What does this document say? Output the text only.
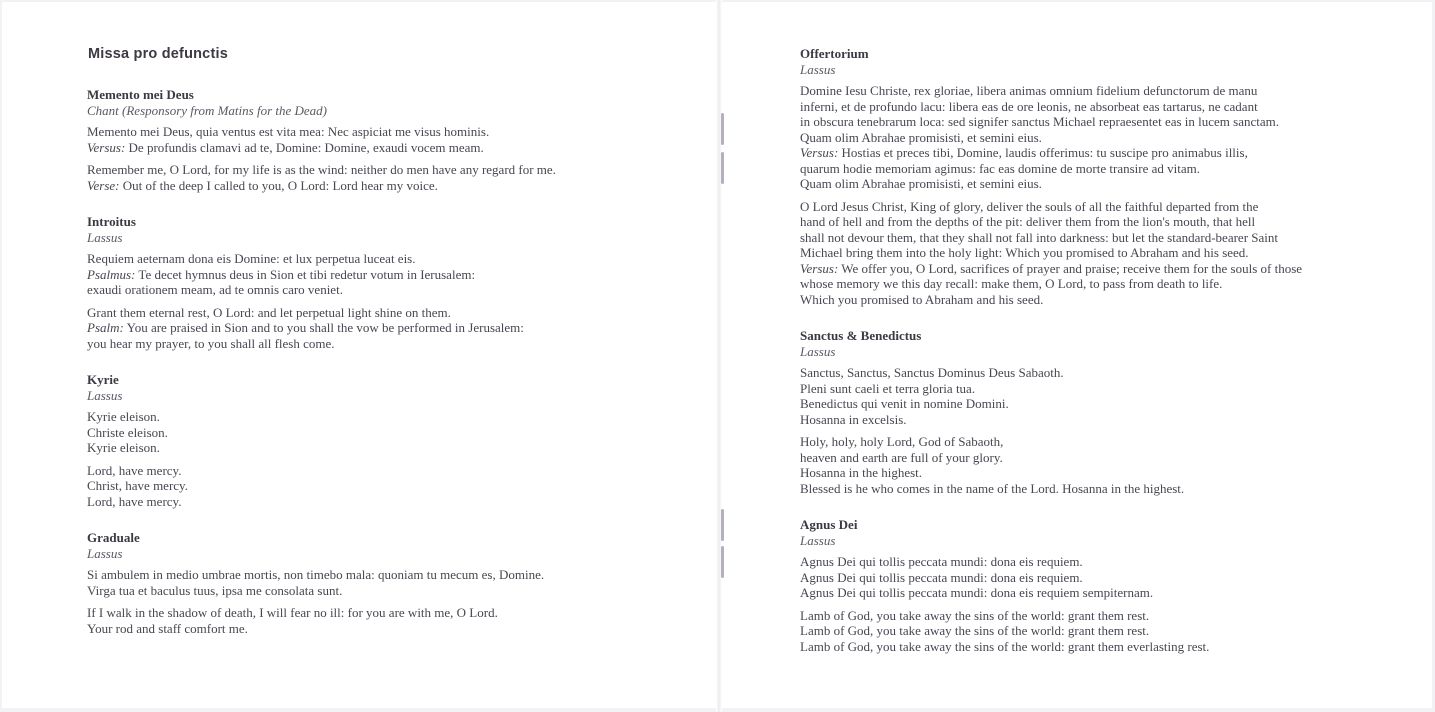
Missa pro defunctis
Memento mei Deus
Chant (Responsory from Matins for the Dead)
Memento mei Deus, quia ventus est vita mea: Nec aspiciat me visus hominis.
Versus: De profundis clamavi ad te, Domine: Domine, exaudi vocem meam.
Remember me, O Lord, for my life is as the wind: neither do men have any regard for me.
Verse: Out of the deep I called to you, O Lord: Lord hear my voice.
Introitus
Lassus
Requiem aeternam dona eis Domine: et lux perpetua luceat eis.
Psalmus: Te decet hymnus deus in Sion et tibi redetur votum in Ierusalem:
exaudi orationem meam, ad te omnis caro veniet.
Grant them eternal rest, O Lord: and let perpetual light shine on them.
Psalm: You are praised in Sion and to you shall the vow be performed in Jerusalem:
you hear my prayer, to you shall all flesh come.
Kyrie
Lassus
Kyrie eleison.
Christe eleison.
Kyrie eleison.
Lord, have mercy.
Christ, have mercy.
Lord, have mercy.
Graduale
Lassus
Si ambulem in medio umbrae mortis, non timebo mala: quoniam tu mecum es, Domine.
Virga tua et baculus tuus, ipsa me consolata sunt.
If I walk in the shadow of death, I will fear no ill: for you are with me, O Lord.
Your rod and staff comfort me.
Offertorium
Lassus
Domine Iesu Christe, rex gloriae, libera animas omnium fidelium defunctorum de manu
inferni, et de profundo lacu: libera eas de ore leonis, ne absorbeat eas tartarus, ne cadant
in obscura tenebrarum loca: sed signifer sanctus Michael repraesentet eas in lucem sanctam.
Quam olim Abrahae promisisti, et semini eius.
Versus: Hostias et preces tibi, Domine, laudis offerimus: tu suscipe pro animabus illis,
quarum hodie memoriam agimus: fac eas domine de morte transire ad vitam.
Quam olim Abrahae promisisti, et semini eius.
O Lord Jesus Christ, King of glory, deliver the souls of all the faithful departed from the
hand of hell and from the depths of the pit: deliver them from the lion's mouth, that hell
shall not devour them, that they shall not fall into darkness: but let the standard-bearer Saint
Michael bring them into the holy light: Which you promised to Abraham and his seed.
Versus: We offer you, O Lord, sacrifices of prayer and praise; receive them for the souls of those
whose memory we this day recall: make them, O Lord, to pass from death to life.
Which you promised to Abraham and his seed.
Sanctus & Benedictus
Lassus
Sanctus, Sanctus, Sanctus Dominus Deus Sabaoth.
Pleni sunt caeli et terra gloria tua.
Benedictus qui venit in nomine Domini.
Hosanna in excelsis.
Holy, holy, holy Lord, God of Sabaoth,
heaven and earth are full of your glory.
Hosanna in the highest.
Blessed is he who comes in the name of the Lord. Hosanna in the highest.
Agnus Dei
Lassus
Agnus Dei qui tollis peccata mundi: dona eis requiem.
Agnus Dei qui tollis peccata mundi: dona eis requiem.
Agnus Dei qui tollis peccata mundi: dona eis requiem sempiternam.
Lamb of God, you take away the sins of the world: grant them rest.
Lamb of God, you take away the sins of the world: grant them rest.
Lamb of God, you take away the sins of the world: grant them everlasting rest.
